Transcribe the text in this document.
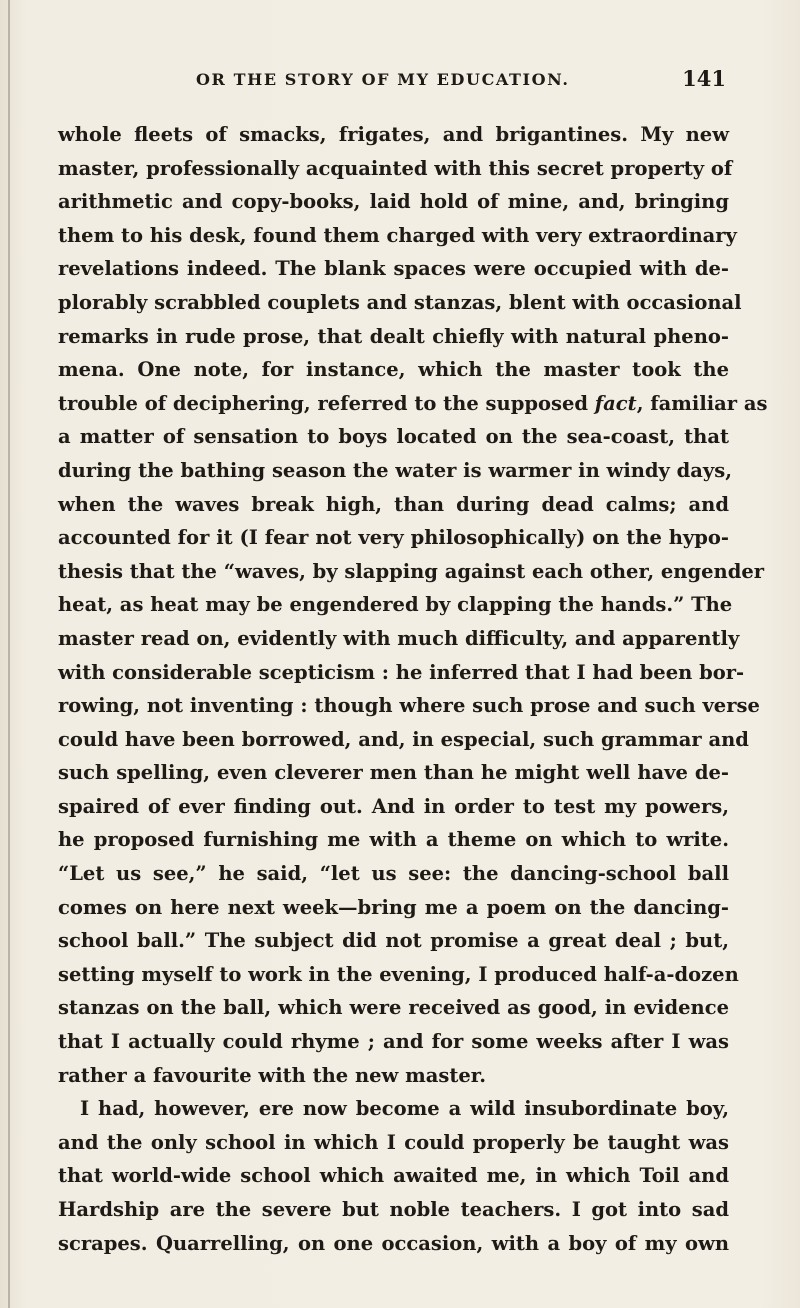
OR THE STORY OF MY EDUCATION.	141
whole fleets of smacks, frigates, and brigantines. My new
master, professionally acquainted with this secret property of
arithmetic and copy-books, laid hold of mine, and, bringing
them to his desk, found them charged with very extraordinary
revelations indeed. The blank spaces were occupied with de-
plorably scrabbled couplets and stanzas, blent with occasional
remarks in rude prose, that dealt chiefly with natural pheno-
mena. One note, for instance, which the master took the
trouble of deciphering, referred to the supposed fact, familiar as
a matter of sensation to boys located on the sea-coast, that
during the bathing season the water is warmer in windy days,
when the waves break high, than during dead calms; and
accounted for it (I fear not very philosophically) on the hypo-
thesis that the “waves, by slapping against each other, engender
heat, as heat may be engendered by clapping the hands.” The
master read on, evidently with much difficulty, and apparently
with considerable scepticism : he inferred that I had been bor-
rowing, not inventing : though where such prose and such verse
could have been borrowed, and, in especial, such grammar and
such spelling, even cleverer men than he might well have de-
spaired of ever finding out. And in order to test my powers,
he proposed furnishing me with a theme on which to write.
“Let us see,” he said, “let us see: the dancing-school ball
comes on here next week—bring me a poem on the dancing-
school ball.” The subject did not promise a great deal ; but,
setting myself to work in the evening, I produced half-a-dozen
stanzas on the ball, which were received as good, in evidence
that I actually could rhyme ; and for some weeks after I was
rather a favourite with the new master.
I had, however, ere now become a wild insubordinate boy,
and the only school in which I could properly be taught was
that world-wide school which awaited me, in which Toil and
Hardship are the severe but noble teachers. I got into sad
scrapes. Quarrelling, on one occasion, with a boy of my own
